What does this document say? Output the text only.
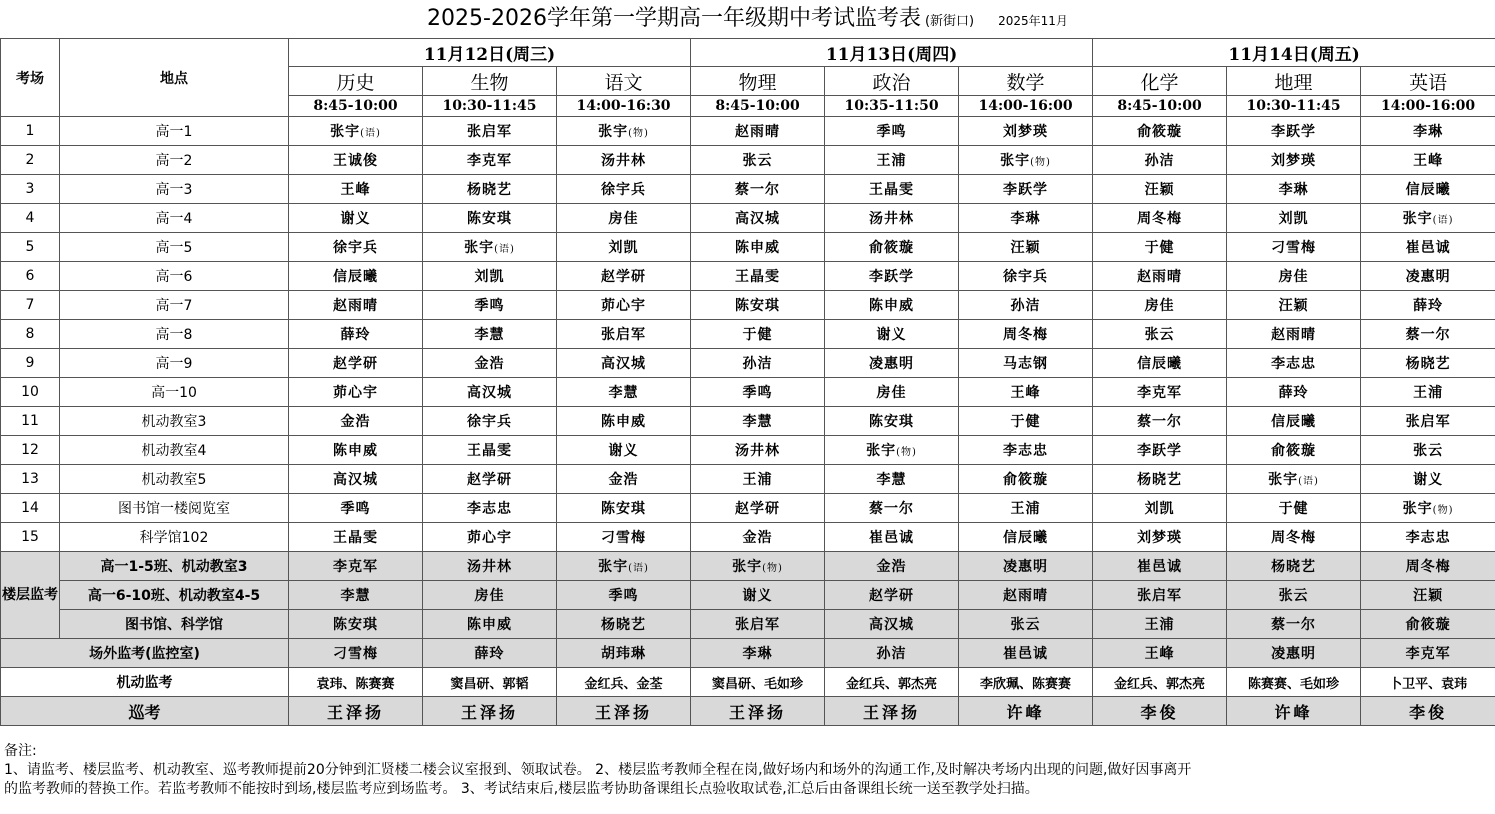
2025-2026学年第一学期高一年级期中考试监考表 (新街口) 2025年11月
考场	地点	11月12日(周三)			11月13日(周四)			11月14日(周五)		
		历史	生物	语文	物理	政治	数学	化学	地理	英语
		8:45-10:00	10:30-11:45	14:00-16:30	8:45-10:00	10:35-11:50	14:00-16:00	8:45-10:00	10:30-11:45	14:00-16:00
1	高一1	张宇(语)	张启军	张宇(物)	赵雨晴	季鸣	刘梦瑛	俞筱璇	李跃学	李琳
2	高一2	王诚俊	李克军	汤井林	张云	王浦	张宇(物)	孙洁	刘梦瑛	王峰
3	高一3	王峰	杨晓艺	徐宇兵	蔡一尔	王晶雯	李跃学	汪颖	李琳	信辰曦
4	高一4	谢义	陈安琪	房佳	高汉城	汤井林	李琳	周冬梅	刘凯	张宇(语)
5	高一5	徐宇兵	张宇(语)	刘凯	陈申威	俞筱璇	汪颖	于健	刁雪梅	崔邑诚
6	高一6	信辰曦	刘凯	赵学研	王晶雯	李跃学	徐宇兵	赵雨晴	房佳	凌惠明
7	高一7	赵雨晴	季鸣	茆心宇	陈安琪	陈申威	孙洁	房佳	汪颖	薛玲
8	高一8	薛玲	李慧	张启军	于健	谢义	周冬梅	张云	赵雨晴	蔡一尔
9	高一9	赵学研	金浩	高汉城	孙洁	凌惠明	马志钢	信辰曦	李志忠	杨晓艺
10	高一10	茆心宇	高汉城	李慧	季鸣	房佳	王峰	李克军	薛玲	王浦
11	机动教室3	金浩	徐宇兵	陈申威	李慧	陈安琪	于健	蔡一尔	信辰曦	张启军
12	机动教室4	陈申威	王晶雯	谢义	汤井林	张宇(物)	李志忠	李跃学	俞筱璇	张云
13	机动教室5	高汉城	赵学研	金浩	王浦	李慧	俞筱璇	杨晓艺	张宇(语)	谢义
14	图书馆一楼阅览室	季鸣	李志忠	陈安琪	赵学研	蔡一尔	王浦	刘凯	于健	张宇(物)
15	科学馆102	王晶雯	茆心宇	刁雪梅	金浩	崔邑诚	信辰曦	刘梦瑛	周冬梅	李志忠
楼层监考	高一1-5班、机动教室3	李克军	汤井林	张宇(语)	张宇(物)	金浩	凌惠明	崔邑诚	杨晓艺	周冬梅
	高一6-10班、机动教室4-5	李慧	房佳	季鸣	谢义	赵学研	赵雨晴	张启军	张云	汪颖
	图书馆、科学馆	陈安琪	陈申威	杨晓艺	张启军	高汉城	张云	王浦	蔡一尔	俞筱璇
场外监考(监控室)		刁雪梅	薛玲	胡玮琳	李琳	孙洁	崔邑诚	王峰	凌惠明	李克军
机动监考		袁玮、陈赛赛	窦昌研、郭韬	金红兵、金荃	窦昌研、毛如珍	金红兵、郭杰亮	李欣珮、陈赛赛	金红兵、郭杰亮	陈赛赛、毛如珍	卜卫平、袁玮
巡考		王泽扬	王泽扬	王泽扬	王泽扬	王泽扬	许峰	李俊	许峰	李俊
备注:
1、请监考、楼层监考、机动教室、巡考教师提前20分钟到汇贤楼二楼会议室报到、领取试卷。 2、楼层监考教师全程在岗,做好场内和场外的沟通工作,及时解决考场内出现的问题,做好因事离开
的监考教师的替换工作。若监考教师不能按时到场,楼层监考应到场监考。 3、考试结束后,楼层监考协助备课组长点验收取试卷,汇总后由备课组长统一送至教学处扫描。
